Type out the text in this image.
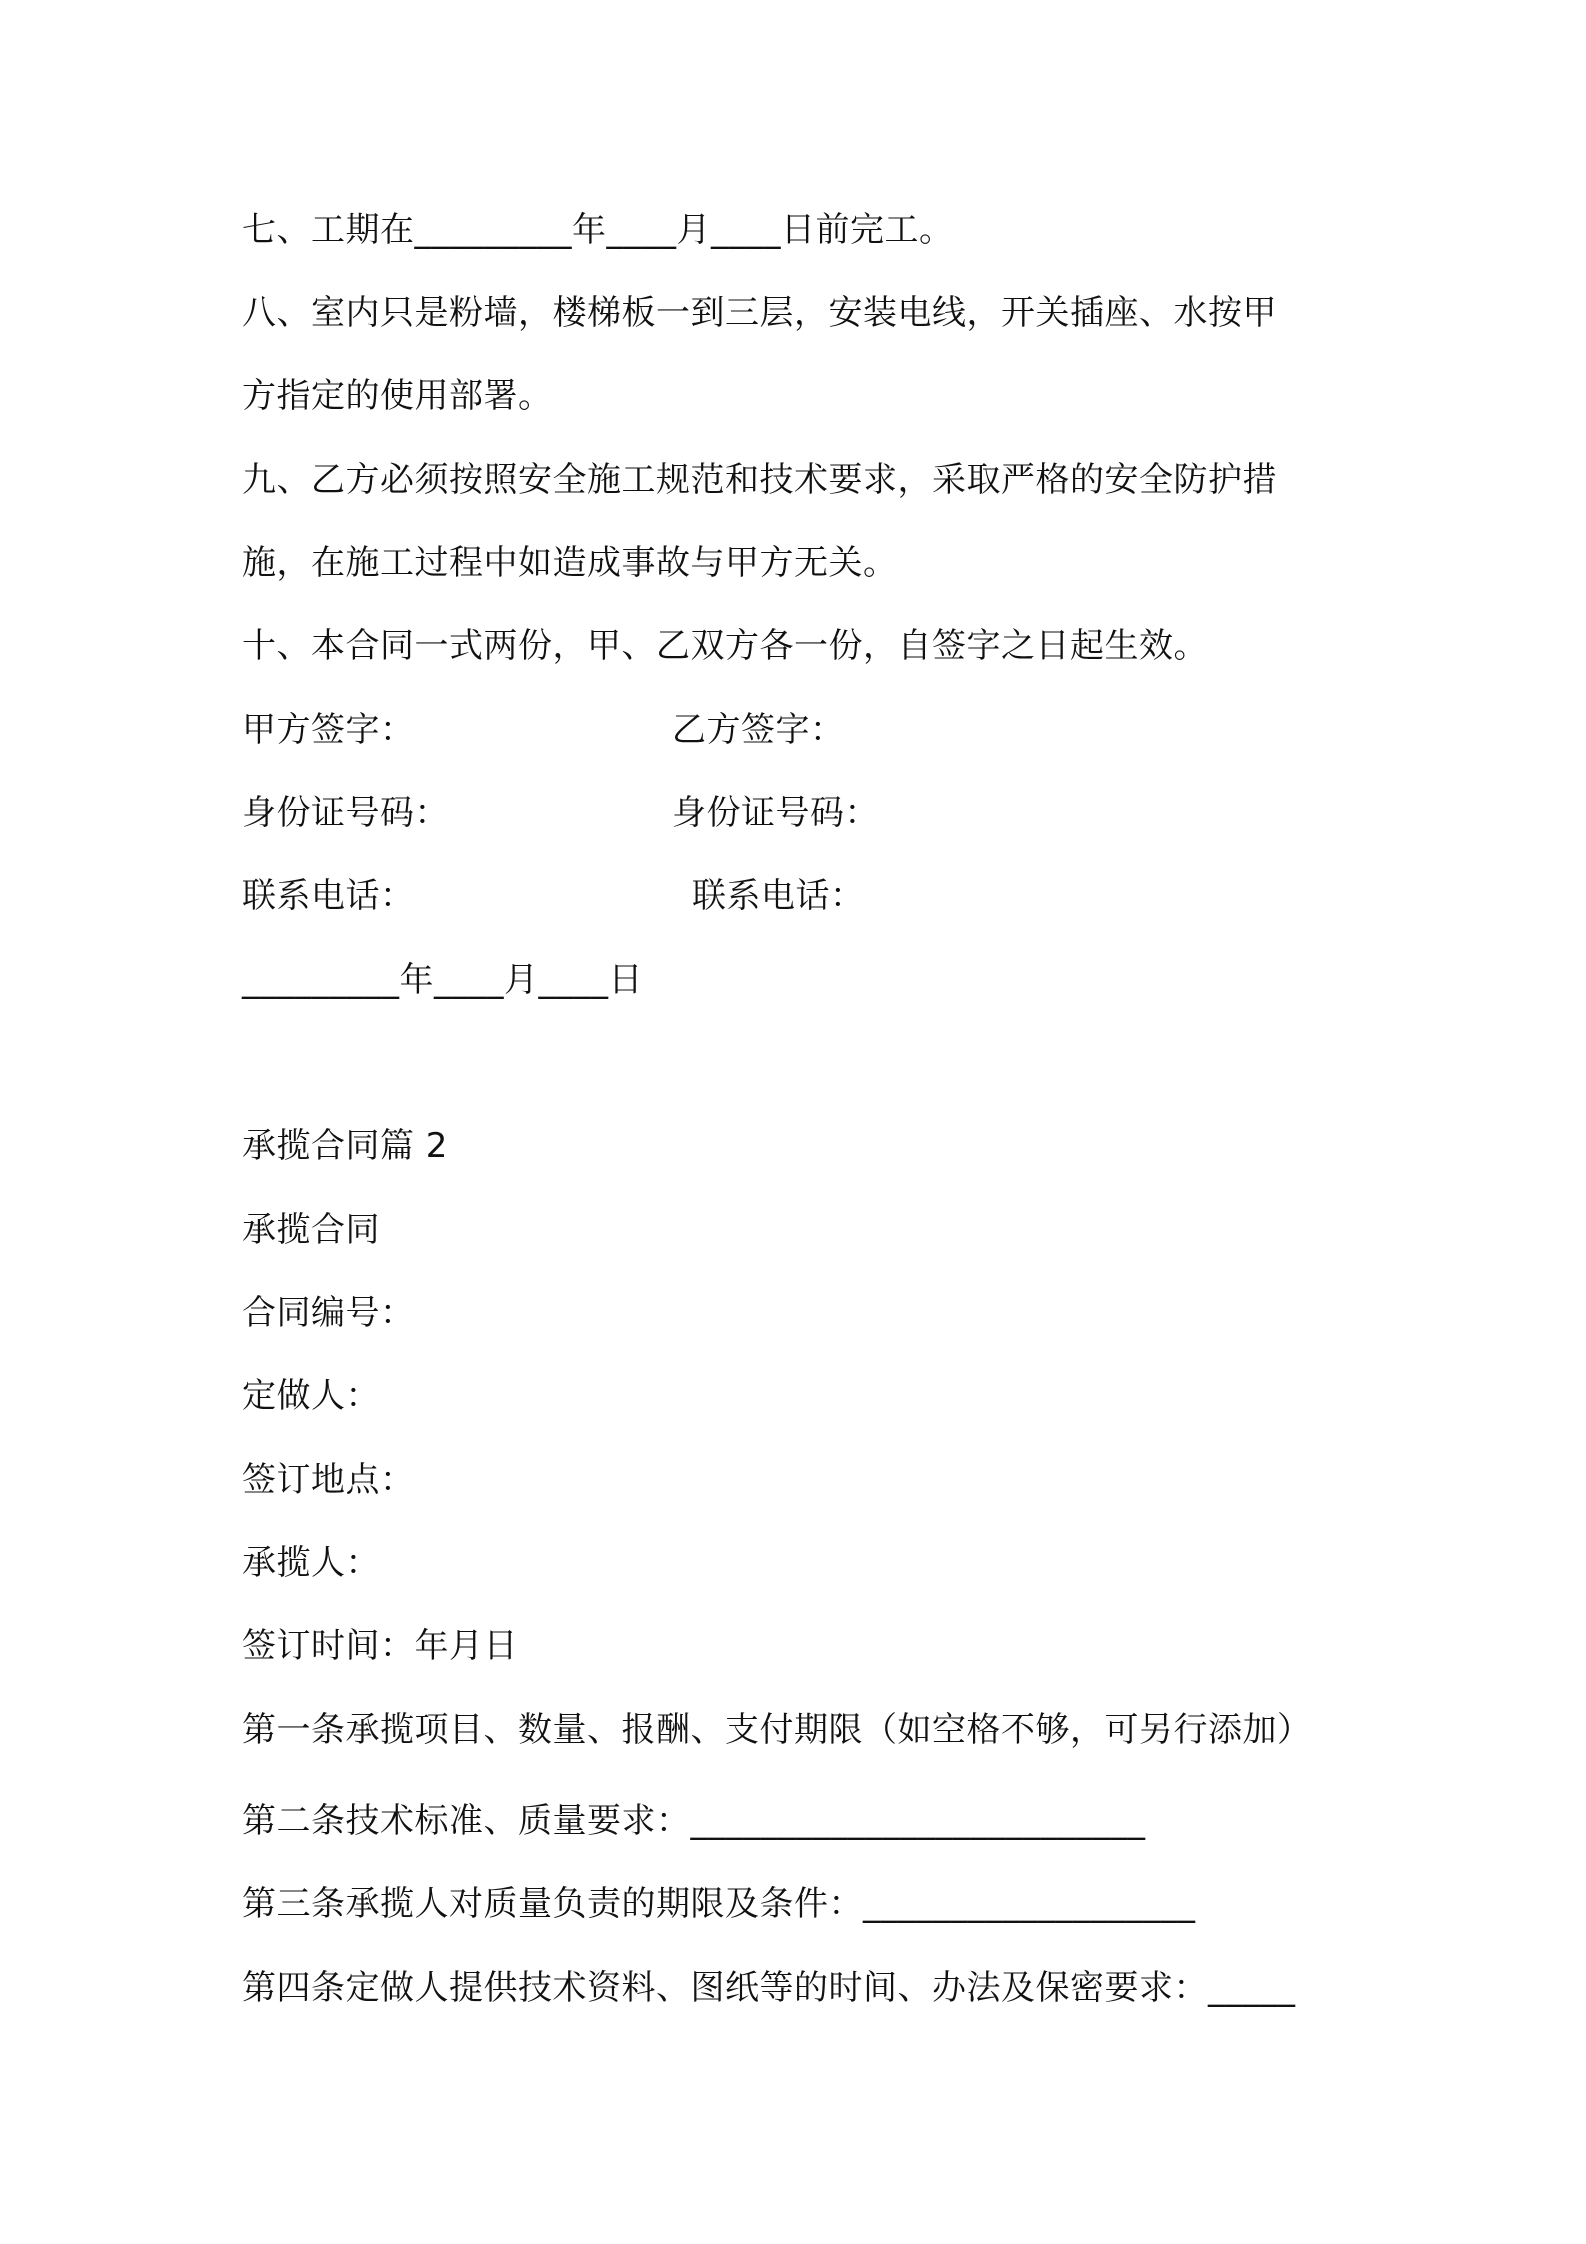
七、工期在_________年____月____日前完工。
八、室内只是粉墙，楼梯板一到三层，安装电线，开关插座、水按甲
方指定的使用部署。
九、乙方必须按照安全施工规范和技术要求，采取严格的安全防护措
施，在施工过程中如造成事故与甲方无关。
十、本合同一式两份，甲、乙双方各一份，自签字之日起生效。
甲方签字：	乙方签字：
身份证号码：	身份证号码：
联系电话：	联系电话：
_________年____月____日
承揽合同篇 2
承揽合同
合同编号：
定做人：
签订地点：
承揽人：
签订时间：年月日
第一条承揽项目、数量、报酬、支付期限（如空格不够，可另行添加）
第二条技术标准、质量要求：__________________________
第三条承揽人对质量负责的期限及条件：___________________
第四条定做人提供技术资料、图纸等的时间、办法及保密要求：_____
